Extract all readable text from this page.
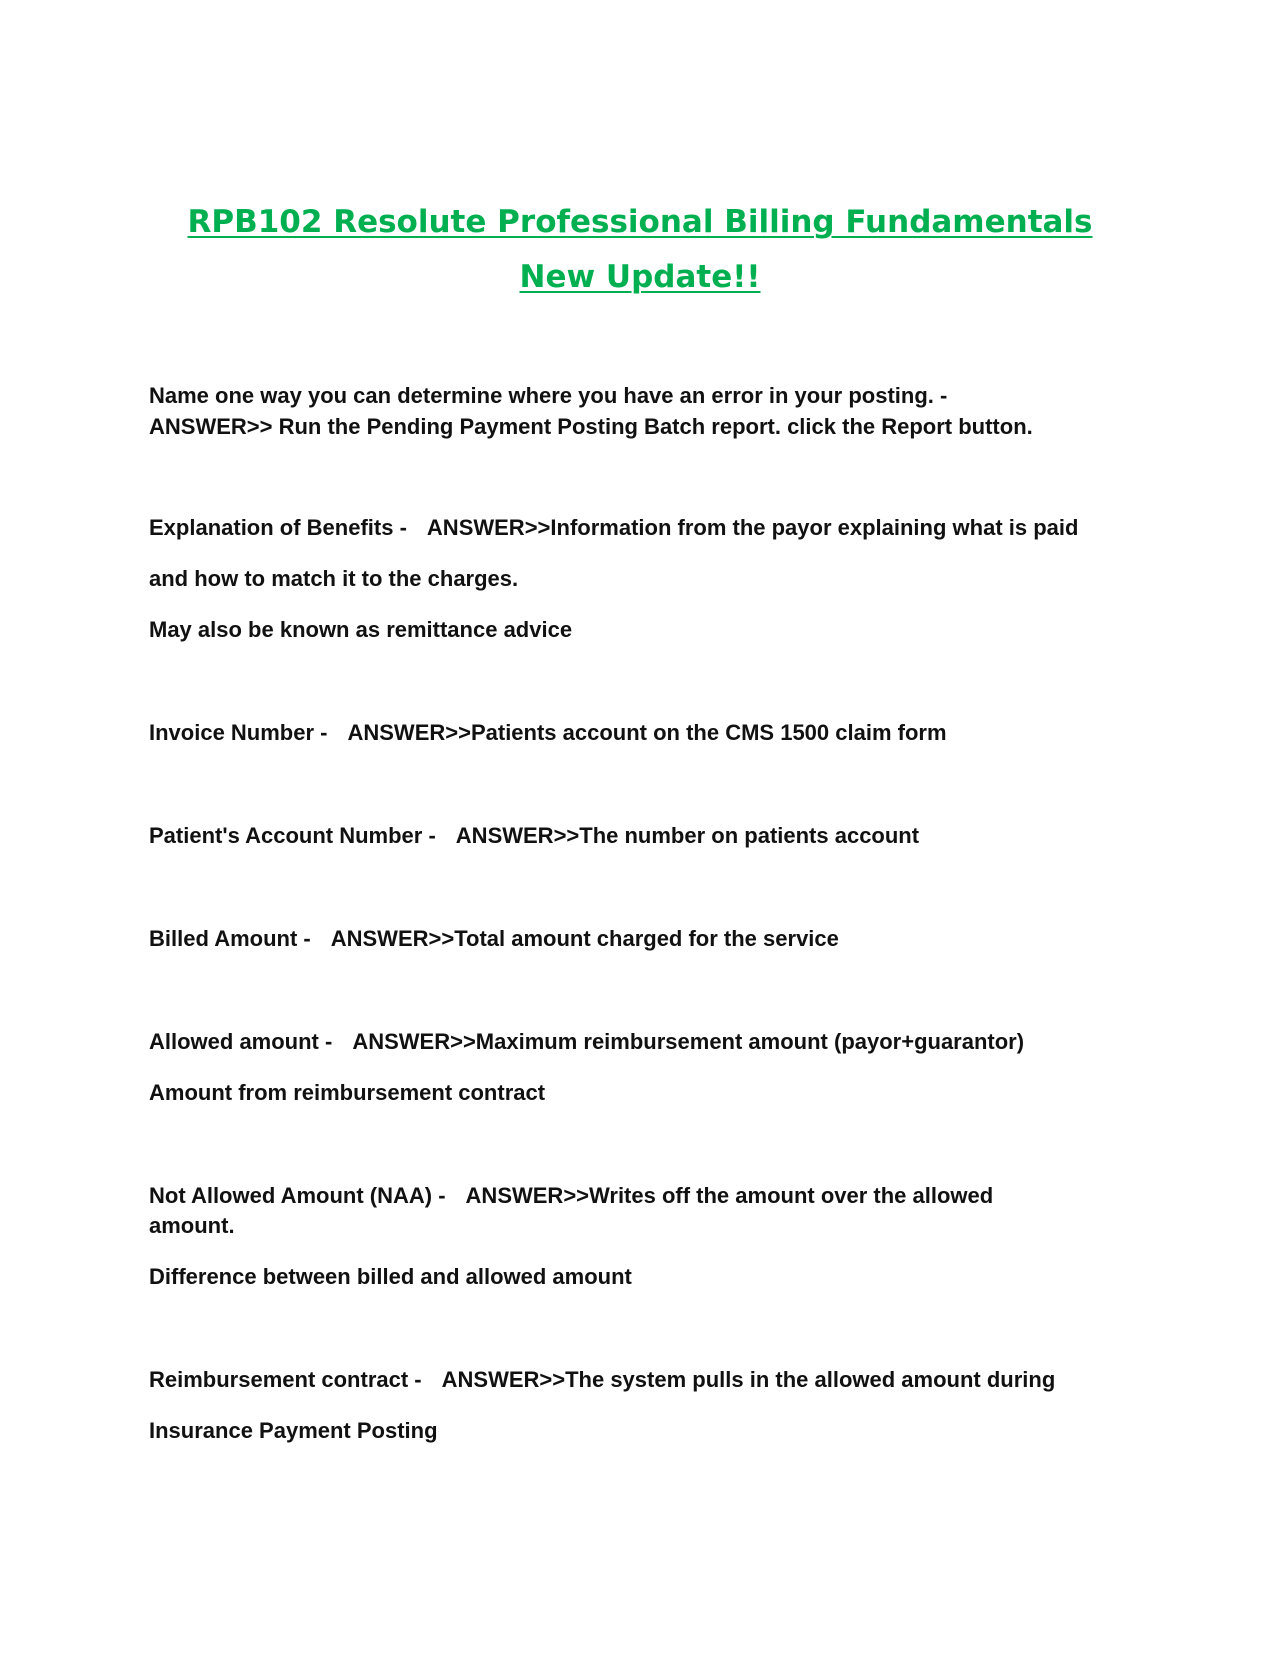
RPB102 Resolute Professional Billing Fundamentals
New Update!!
Name one way you can determine where you have an error in your posting. -
ANSWER>> Run the Pending Payment Posting Batch report. click the Report button.
Explanation of Benefits - ANSWER>>Information from the payor explaining what is paid
and how to match it to the charges.
May also be known as remittance advice
Invoice Number - ANSWER>>Patients account on the CMS 1500 claim form
Patient's Account Number - ANSWER>>The number on patients account
Billed Amount - ANSWER>>Total amount charged for the service
Allowed amount - ANSWER>>Maximum reimbursement amount (payor+guarantor)
Amount from reimbursement contract
Not Allowed Amount (NAA) - ANSWER>>Writes off the amount over the allowed
amount.
Difference between billed and allowed amount
Reimbursement contract - ANSWER>>The system pulls in the allowed amount during
Insurance Payment Posting
